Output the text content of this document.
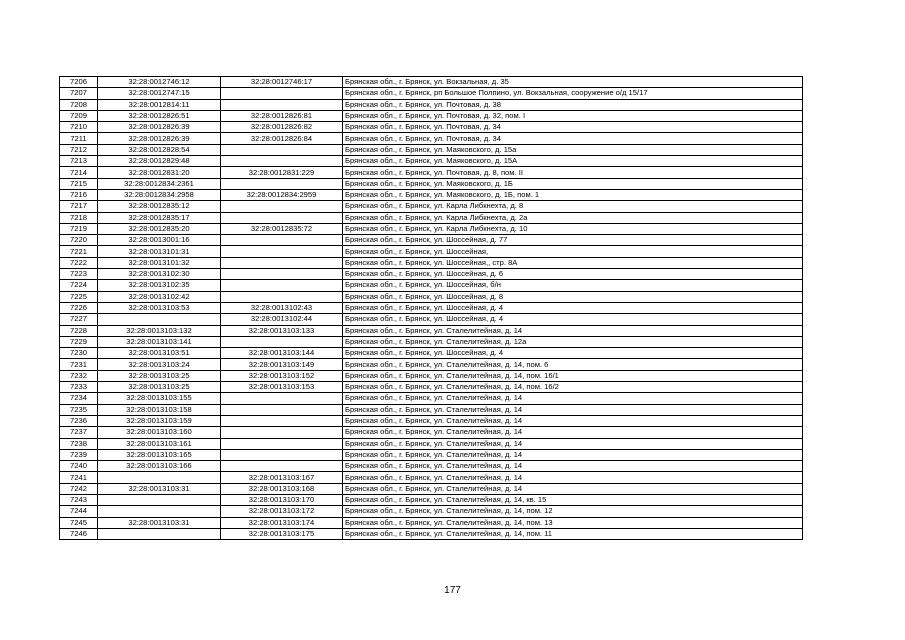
7206	32:28:0012746:12	32:28:0012746:17	Брянская обл., г. Брянск, ул. Вокзальная, д. 35
7207	32:28:0012747:15		Брянская обл., г. Брянск, рп Большое Полпино, ул. Вокзальная, сооружение о/д 15/17
7208	32:28:0012814:11		Брянская обл., г. Брянск, ул. Почтовая, д. 38
7209	32:28:0012826:51	32:28:0012826:81	Брянская обл., г. Брянск, ул. Почтовая, д. 32, пом. I
7210	32:28:0012826:39	32:28:0012826:82	Брянская обл., г. Брянск, ул. Почтовая, д. 34
7211	32:28:0012826:39	32:28:0012826:84	Брянская обл., г. Брянск, ул. Почтовая, д. 34
7212	32:28:0012828:54		Брянская обл., г. Брянск, ул. Маяковского, д. 15а
7213	32:28:0012829:48		Брянская обл., г. Брянск, ул. Маяковского, д. 15А
7214	32:28:0012831:20	32:28:0012831:229	Брянская обл., г. Брянск, ул. Почтовая, д. 8, пом. II
7215	32:28:0012834:2361		Брянская обл., г. Брянск, ул. Маяковского, д. 1Б
7216	32:28:0012834:2958	32:28:0012834:2959	Брянская обл., г. Брянск, ул. Маяковского, д. 1Б, пом. 1
7217	32:28:0012835:12		Брянская обл., г. Брянск, ул. Карла Либкнехта, д. 8
7218	32:28:0012835:17		Брянская обл., г. Брянск, ул. Карла Либкнехта, д. 2а
7219	32:28:0012835:20	32:28:0012835:72	Брянская обл., г. Брянск, ул. Карла Либкнехта, д. 10
7220	32:28:0013001:16		Брянская обл., г. Брянск, ул. Шоссейная, д. 77
7221	32:28:0013101:31		Брянская обл., г. Брянск, ул. Шоссейная,
7222	32:28:0013101:32		Брянская обл., г. Брянск, ул. Шоссейная,, стр. 8А
7223	32:28:0013102:30		Брянская обл., г. Брянск, ул. Шоссейная, д. 6
7224	32:28:0013102:35		Брянская обл., г. Брянск, ул. Шоссейная, б/н
7225	32:28:0013102:42		Брянская обл., г. Брянск, ул. Шоссейная, д. 8
7226	32:28:0013103:53	32:28:0013102:43	Брянская обл., г. Брянск, ул. Шоссейная, д. 4
7227		32:28:0013102:44	Брянская обл., г. Брянск, ул. Шоссейная, д. 4
7228	32:28:0013103:132	32:28:0013103:133	Брянская обл., г. Брянск, ул. Сталелитейная, д. 14
7229	32:28:0013103:141		Брянская обл., г. Брянск, ул. Сталелитейная, д. 12а
7230	32:28:0013103:51	32:28:0013103:144	Брянская обл., г. Брянск, ул. Шоссейная, д. 4
7231	32:28:0013103:24	32:28:0013103:149	Брянская обл., г. Брянск, ул. Сталелитейная, д. 14, пом. 6
7232	32:28:0013103:25	32:28:0013103:152	Брянская обл., г. Брянск, ул. Сталелитейная, д. 14, пом. 16/1
7233	32:28:0013103:25	32:28:0013103:153	Брянская обл., г. Брянск, ул. Сталелитейная, д. 14, пом. 16/2
7234	32:28:0013103:155		Брянская обл., г. Брянск, ул. Сталелитейная, д. 14
7235	32:28:0013103:158		Брянская обл., г. Брянск, ул. Сталелитейная, д. 14
7236	32:28:0013103:159		Брянская обл., г. Брянск, ул. Сталелитейная, д. 14
7237	32:28:0013103:160		Брянская обл., г. Брянск, ул. Сталелитейная, д. 14
7238	32:28:0013103:161		Брянская обл., г. Брянск, ул. Сталелитейная, д. 14
7239	32:28:0013103:165		Брянская обл., г. Брянск, ул. Сталелитейная, д. 14
7240	32:28:0013103:166		Брянская обл., г. Брянск, ул. Сталелитейная, д. 14
7241		32:28:0013103:167	Брянская обл., г. Брянск, ул. Сталелитейная, д. 14
7242	32:28:0013103:31	32:28:0013103:168	Брянская обл., г. Брянск, ул. Сталелитейная, д. 14
7243		32:28:0013103:170	Брянская обл., г. Брянск, ул. Сталелитейная, д. 14, кв. 15
7244		32:28:0013103:172	Брянская обл., г. Брянск, ул. Сталелитейная, д. 14, пом. 12
7245	32:28:0013103:31	32:28:0013103:174	Брянская обл., г. Брянск, ул. Сталелитейная, д. 14, пом. 13
7246		32:28:0013103:175	Брянская обл., г. Брянск, ул. Сталелитейная, д. 14, пом. 11
177
